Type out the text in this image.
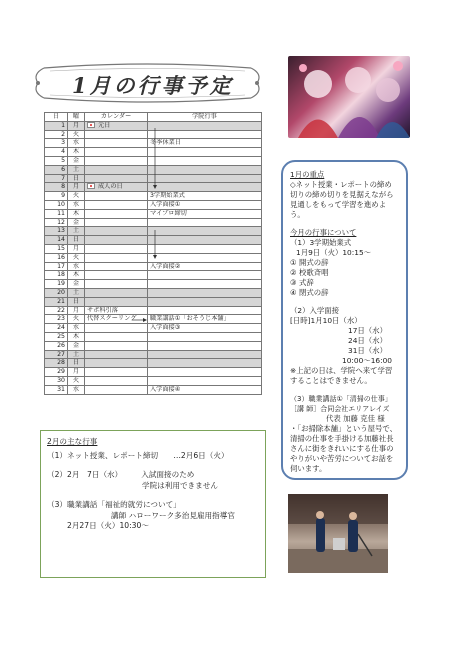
1月の行事予定
日	曜	カレンダー	学院行事
1	月	元日	
2	火		
3	水		冬季休業日
4	木		
5	金		
6	土		
7	日		
8	月	成人の日	
9	火		3学期始業式
10	水		入学面接①
11	木		マイプロ締切
12	金		
13	土		
14	日		
15	月		
16	火		
17	水		入学面接②
18	木		
19	金		
20	土		
21	日		
22	月	サポ科引落	
23	火	代替スクーリング	職業講話①「おそうじ本舗」
24	水		入学面接③
25	木		
26	金		
27	土		
28	日		
29	月		
30	火		
31	水		入学面接④
1月の重点
◇ネット授業・レポートの締め切りの締め切りを見据えながら見通しをもって学習を進めよう。
今月の行事について
（1）3学期始業式
1月9日（火）10:15～
① 開式の辞
② 校歌斉唱
③ 式辞
④ 閉式の辞
（2）入学面接
[日時]1月10日（水）
17日（水）
24日（水）
31日（水）
10:00～16:00
※上記の日は、学院へ来て学習することはできません。
（3）職業講話①「清掃の仕事」
［講 師］合同会社エリアレイズ
代表 加藤 克佳 様
・「お掃除本舗」という屋号で、清掃の仕事を手掛ける加藤社長さんに街をきれいにする仕事のやりがいや苦労についてお話を伺います。
2月の主な行事
（1）ネット授業、レポート締切　　…2月6日（火）
（2）2月　7日（水）　　　入試面接のため
学院は利用できません
（3）職業講話「福祉的就労について」
講師 ハローワーク多治見雇用指導官
2月27日（火）10:30～
